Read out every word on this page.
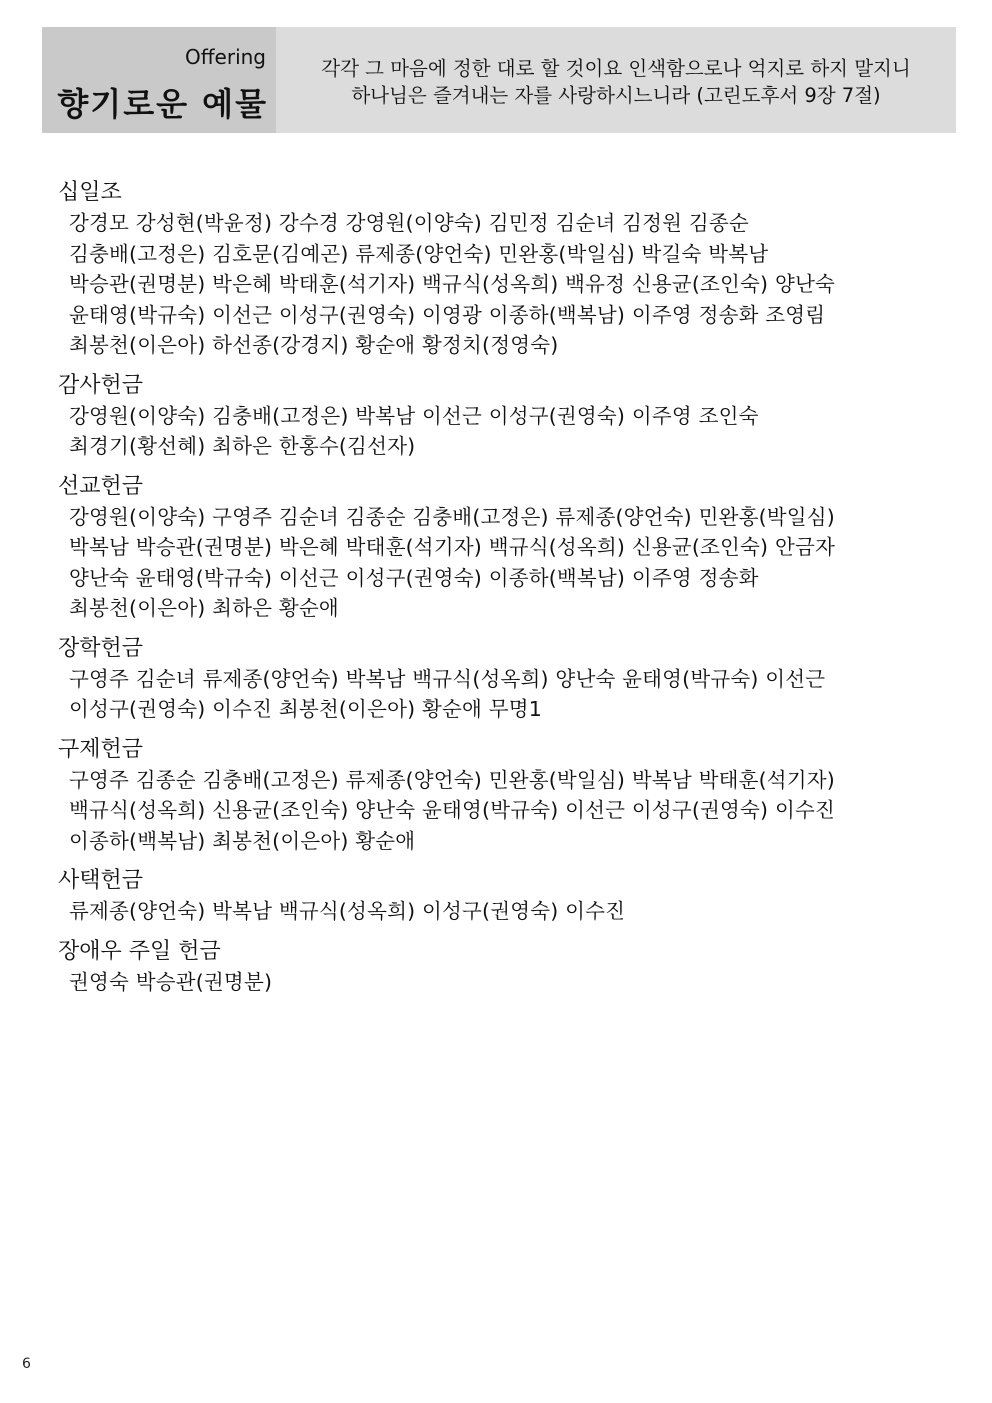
Offering
향기로운 예물
각각 그 마음에 정한 대로 할 것이요 인색함으로나 억지로 하지 말지니
하나님은 즐겨내는 자를 사랑하시느니라 (고린도후서 9장 7절)
십일조
강경모 강성현(박윤정) 강수경 강영원(이양숙) 김민정 김순녀 김정원 김종순
김충배(고정은) 김호문(김예곤) 류제종(양언숙) 민완홍(박일심) 박길숙 박복남
박승관(권명분) 박은혜 박태훈(석기자) 백규식(성옥희) 백유정 신용균(조인숙) 양난숙
윤태영(박규숙) 이선근 이성구(권영숙) 이영광 이종하(백복남) 이주영 정송화 조영림
최봉천(이은아) 하선종(강경지) 황순애 황정치(정영숙)
감사헌금
강영원(이양숙) 김충배(고정은) 박복남 이선근 이성구(권영숙) 이주영 조인숙
최경기(황선혜) 최하은 한홍수(김선자)
선교헌금
강영원(이양숙) 구영주 김순녀 김종순 김충배(고정은) 류제종(양언숙) 민완홍(박일심)
박복남 박승관(권명분) 박은혜 박태훈(석기자) 백규식(성옥희) 신용균(조인숙) 안금자
양난숙 윤태영(박규숙) 이선근 이성구(권영숙) 이종하(백복남) 이주영 정송화
최봉천(이은아) 최하은 황순애
장학헌금
구영주 김순녀 류제종(양언숙) 박복남 백규식(성옥희) 양난숙 윤태영(박규숙) 이선근
이성구(권영숙) 이수진 최봉천(이은아) 황순애 무명1
구제헌금
구영주 김종순 김충배(고정은) 류제종(양언숙) 민완홍(박일심) 박복남 박태훈(석기자)
백규식(성옥희) 신용균(조인숙) 양난숙 윤태영(박규숙) 이선근 이성구(권영숙) 이수진
이종하(백복남) 최봉천(이은아) 황순애
사택헌금
류제종(양언숙) 박복남 백규식(성옥희) 이성구(권영숙) 이수진
장애우 주일 헌금
권영숙 박승관(권명분)
6
